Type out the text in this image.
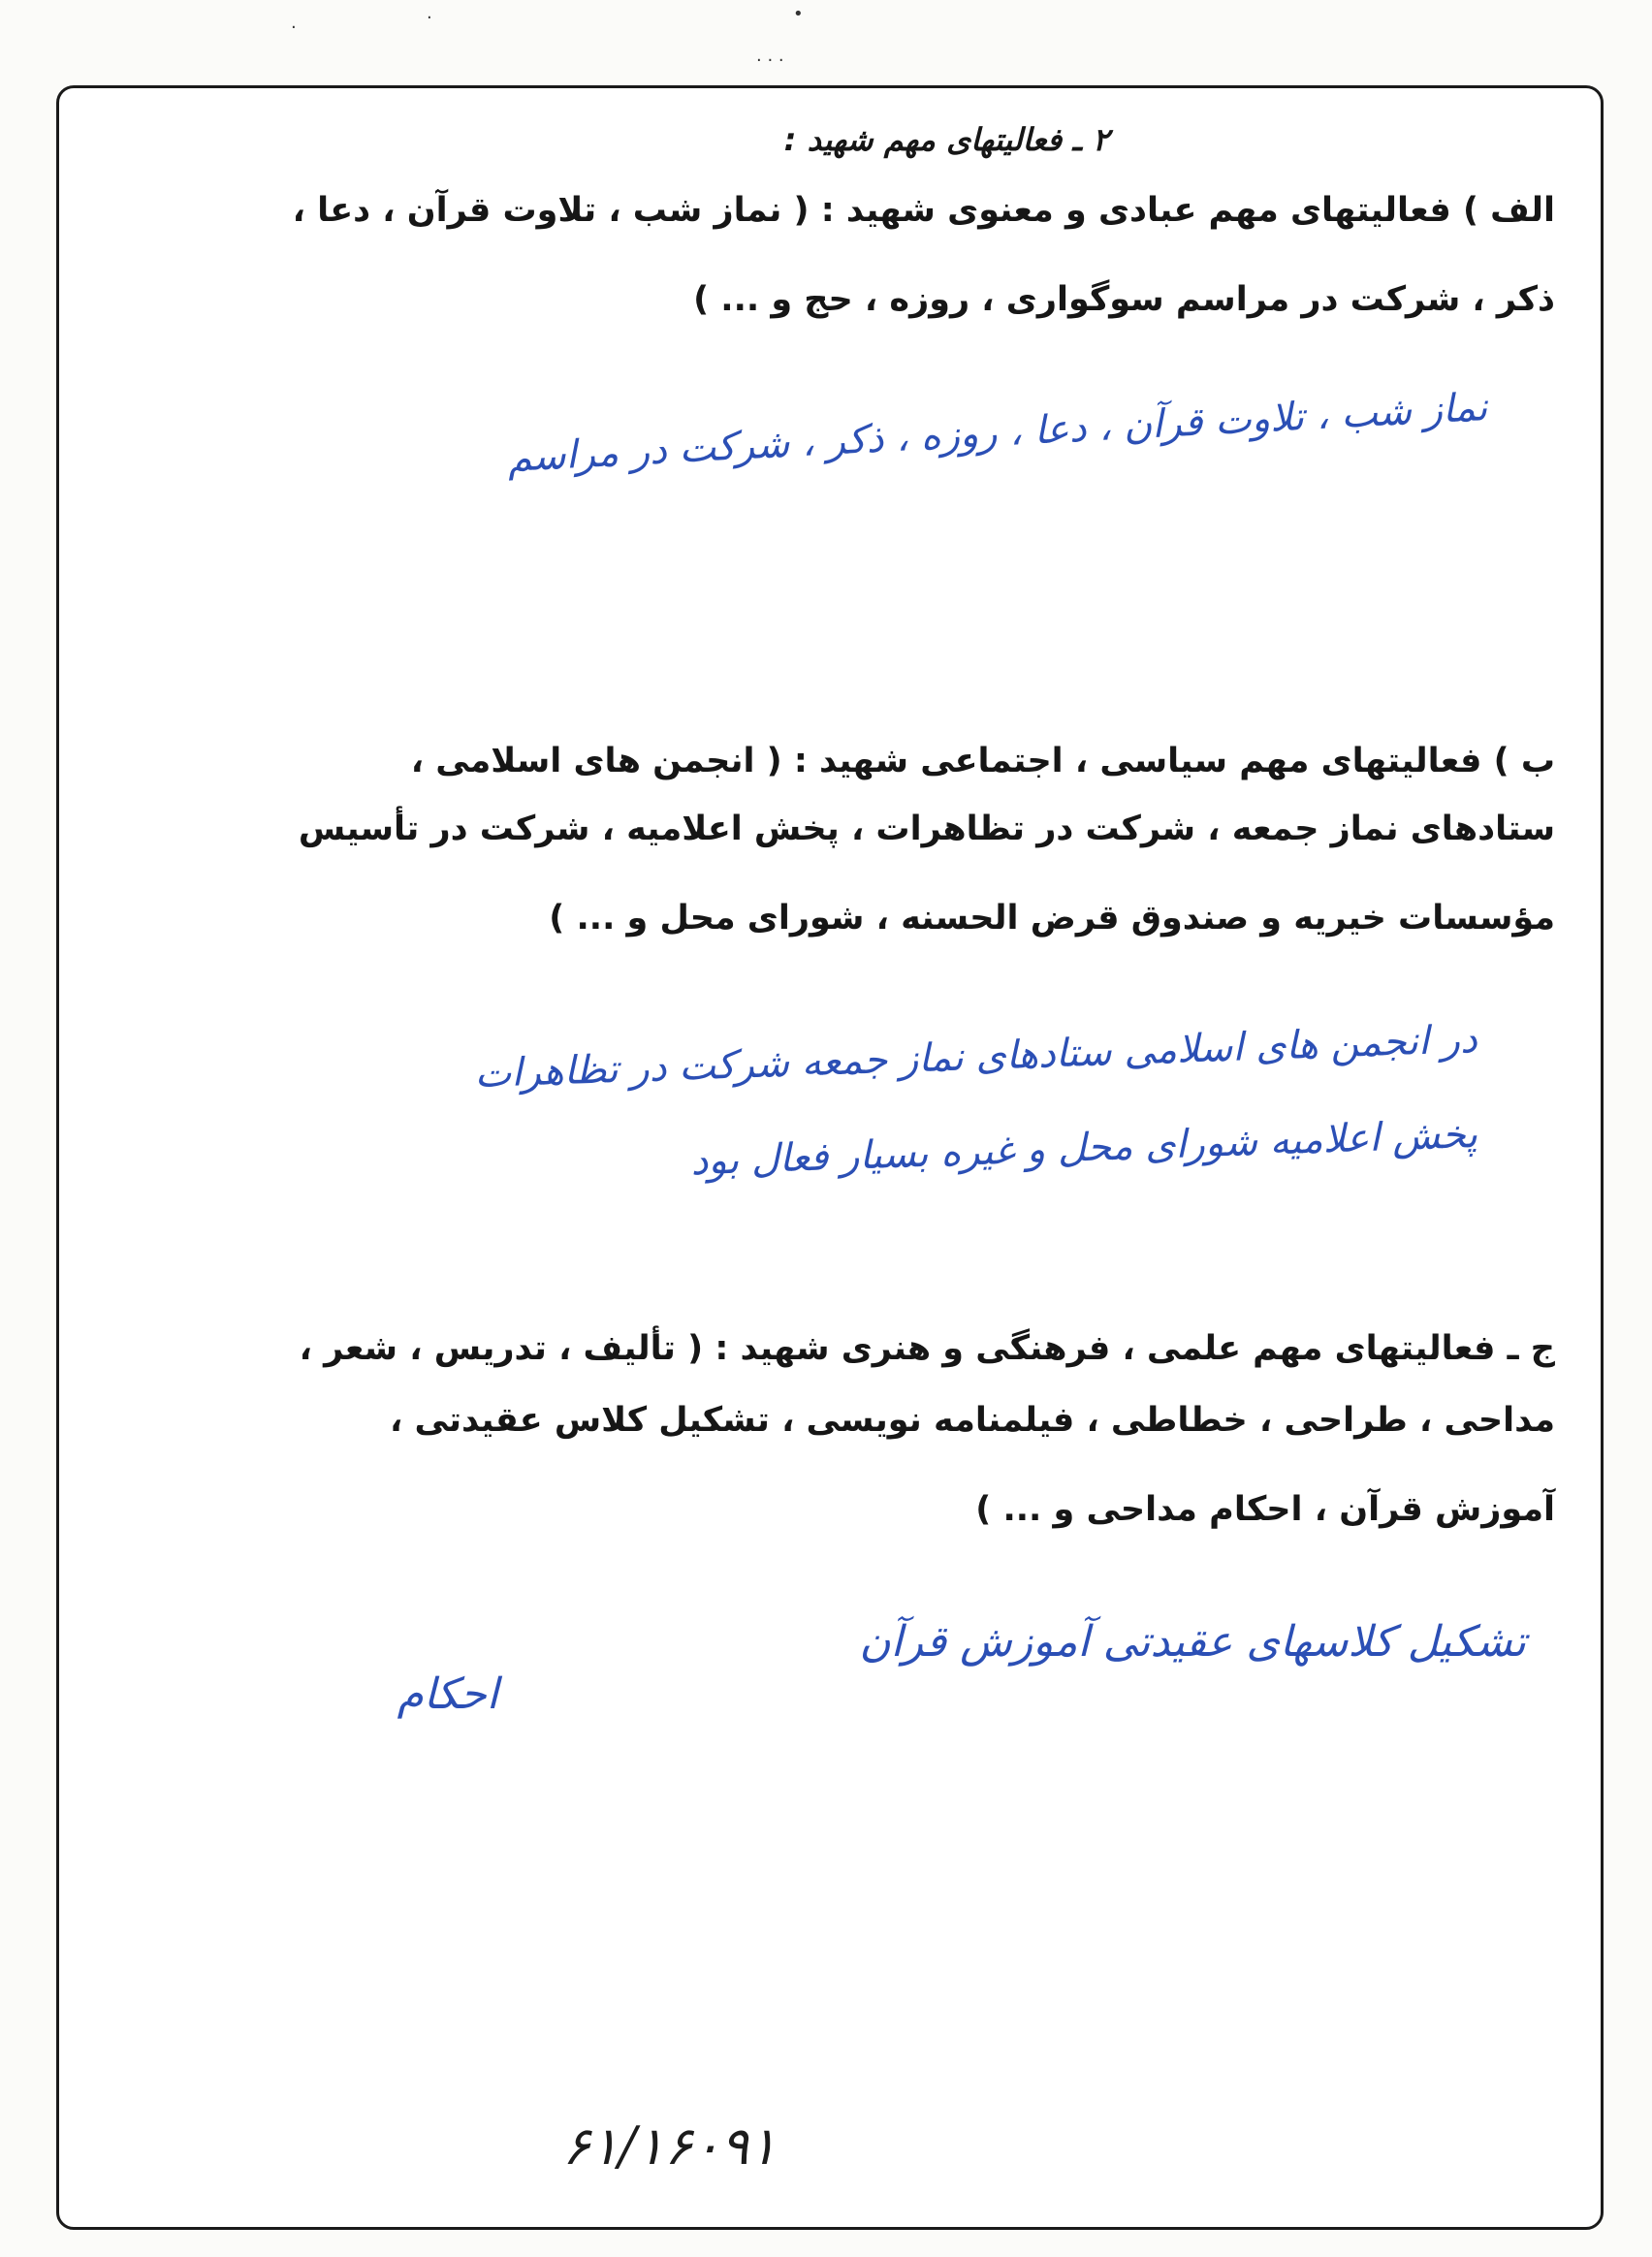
·	·	•
· · ·
۲ ـ فعالیتهای مهم شهید :
الف ) فعالیتهای مهم عبادی و معنوی شهید : ( نماز شب ، تلاوت قرآن ، دعا ،
ذکر ، شرکت در مراسم سوگواری ، روزه ، حج و ... )
نماز شب ، تلاوت قرآن ، دعا ، روزه ، ذکر ، شرکت در مراسم
ب ) فعالیتهای مهم سیاسی ، اجتماعی شهید : ( انجمن های اسلامی ،
ستادهای نماز جمعه ، شرکت در تظاهرات ، پخش اعلامیه ، شرکت در تأسیس
مؤسسات خیریه و صندوق قرض الحسنه ، شورای محل و ... )
در انجمن های اسلامی ستادهای نماز جمعه شرکت در تظاهرات
پخش اعلامیه شورای محل و غیره بسیار فعال بود
ج ـ فعالیتهای مهم علمی ، فرهنگی و هنری شهید : ( تألیف ، تدریس ، شعر ،
مداحی ، طراحی ، خطاطی ، فیلمنامه نویسی ، تشکیل کلاس عقیدتی ،
آموزش قرآن ، احکام مداحی و ... )
تشکیل کلاسهای عقیدتی آموزش قرآن
احکام
۶۱/۱۶۰۹۱
